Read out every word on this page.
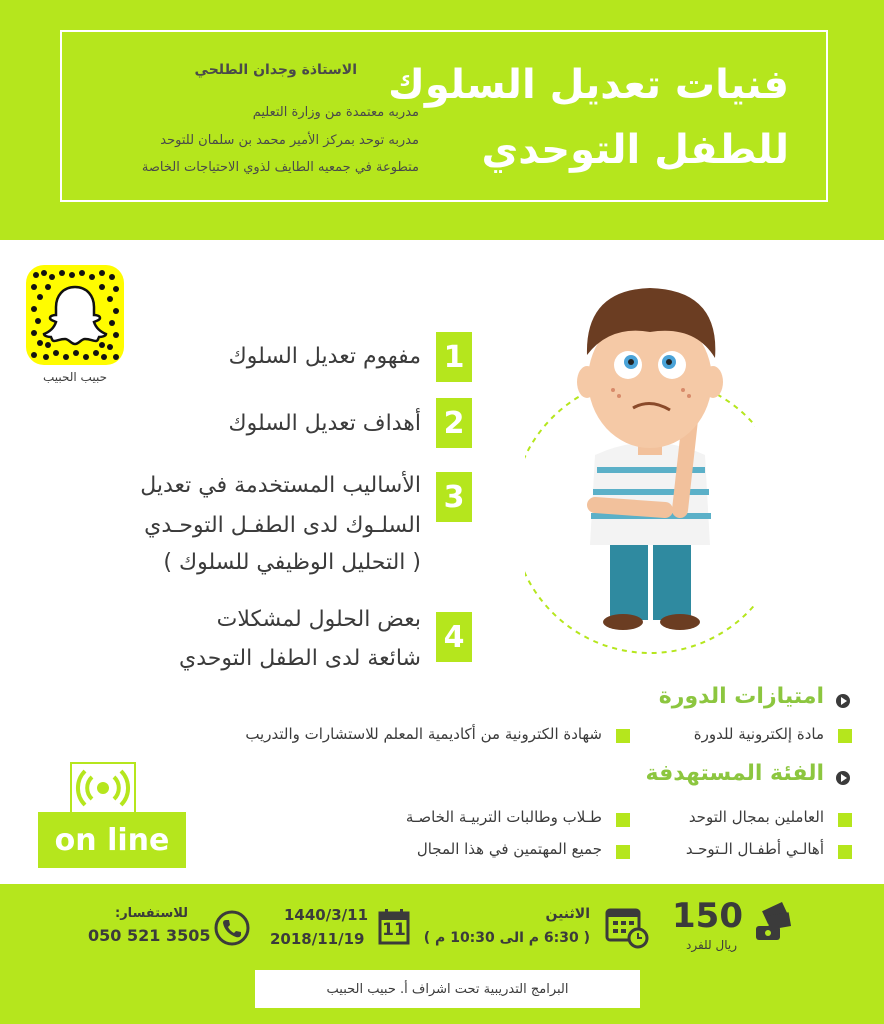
فنيات تعديل السلوك
للطفل التوحدي
الاستاذة وجدان الطلحي
مدربه معتمدة من وزارة التعليم
مدربه توحد بمركز الأمير محمد بن سلمان للتوحد
متطوعة في جمعيه الطايف لذوي الاحتياجات الخاصة
حبيب الحبيب
1
مفهوم تعديل السلوك
2
أهداف تعديل السلوك
3
الأساليب المستخدمة في تعديل
السلـوك لدى الطفـل التوحـدي
( التحليل الوظيفي للسلوك )
4
بعض الحلول لمشكلات
شائعة لدى الطفل التوحدي
امتيازات الدورة
مادة إلكترونية للدورة
شهادة الكترونية من أكاديمية المعلم للاستشارات والتدريب
الفئة المستهدفة
العاملين بمجال التوحد
طـلاب وطالبات التربيـة الخاصـة
أهالـي أطفـال الـتوحـد
جميع المهتمين في هذا المجال
on line
150
ريال للفرد
الاثنين
( 6:30 م الى 10:30 م )
11
1440/3/11
2018/11/19
للاستفسار:
050 521 3505
البرامج التدريبية تحت اشراف أ. حبيب الحبيب
